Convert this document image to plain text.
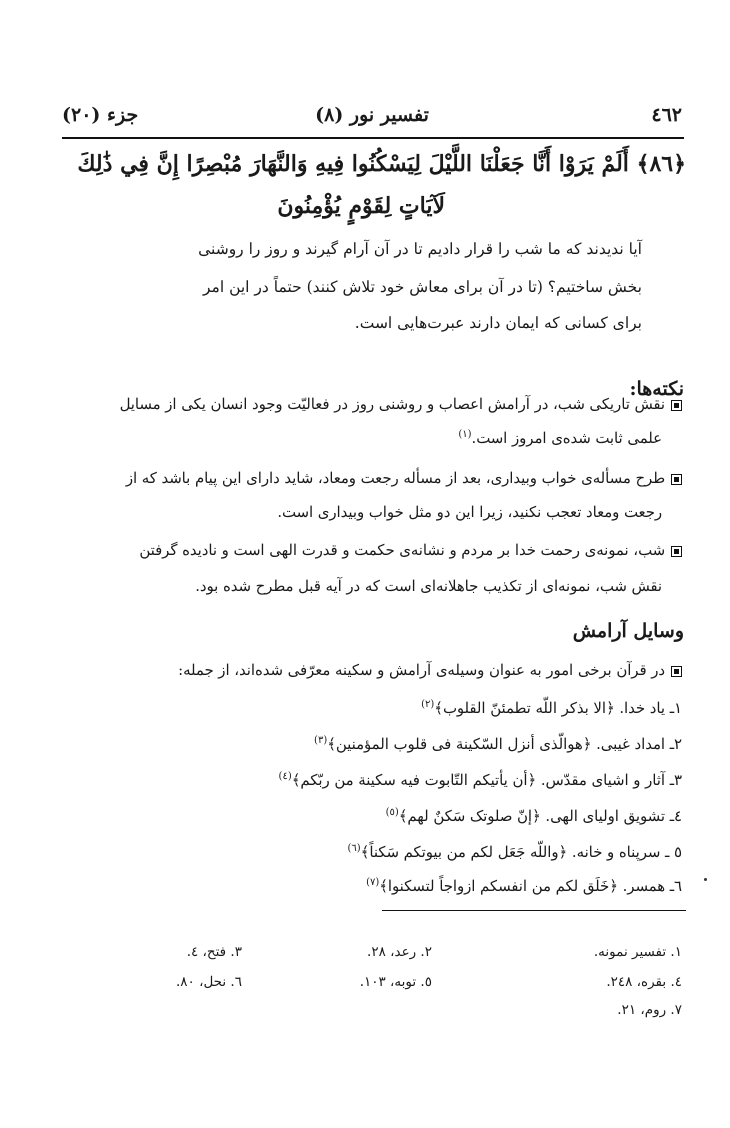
٤٦٢
تفسیر نور (٨)
جزء (٢٠)
﴿٨٦﴾ أَلَمْ يَرَوْا أَنَّا جَعَلْنَا اللَّيْلَ لِيَسْكُنُوا فِيهِ وَالنَّهَارَ مُبْصِرًا إِنَّ فِي ذَٰلِكَ
لَآيَاتٍ لِقَوْمٍ يُؤْمِنُونَ
آیا ندیدند که ما شب را قرار دادیم تا در آن آرام گیرند و روز را روشنی
بخش ساختیم؟ (تا در آن برای معاش خود تلاش کنند) حتماً در این امر
برای کسانی که ایمان دارند عبرت‌هایی است.
نکته‌ها:
نقش تاریکی شب، در آرامش اعصاب و روشنی روز در فعالیّت وجود انسان یکی از مسایل
علمی ثابت شده‌ی امروز است.$^{(١)}$
طرح مسأله‌ی خواب وبیداری، بعد از مسأله رجعت ومعاد، شاید دارای این پیام باشد که از
رجعت ومعاد تعجب نکنید، زیرا این دو مثل خواب وبیداری است.
شب، نمونه‌ی رحمت خدا بر مردم و نشانه‌ی حکمت و قدرت الهی است و نادیده گرفتن
نقش شب، نمونه‌ای از تکذیب جاهلانه‌ای است که در آیه قبل مطرح شده بود.
وسایل آرامش
در قرآن برخی امور به عنوان وسیله‌ی آرامش و سکینه معرّفی شده‌اند، از جمله:
١ـ یاد خدا. ﴿الا بذکر اللّه تطمئنّ القلوب﴾$^{(٢)}$
٢ـ امداد غیبی. ﴿هوالّذی أنزل السّکینة فی قلوب المؤمنین﴾$^{(٣)}$
٣ـ آثار و اشیای مقدّس. ﴿أن یأتیکم التّابوت فیه سکینة من ربّکم﴾$^{(٤)}$
٤ـ تشویق اولیای الهی. ﴿إنّ صلوتک سَکنٌ لهم﴾$^{(٥)}$
٥ ـ سرپناه و خانه. ﴿واللّه جَعَل لکم من بیوتکم سَکناً﴾$^{(٦)}$
٦ـ همسر. ﴿خَلَق لکم من انفسکم ازواجاً لتسکنوا﴾$^{(٧)}$
١. تفسیر نمونه.
٢. رعد، ٢٨.
٣. فتح، ٤.
٤. بقره، ٢٤٨.
٥. توبه، ١٠٣.
٦. نحل، ٨٠.
٧. روم، ٢١.
